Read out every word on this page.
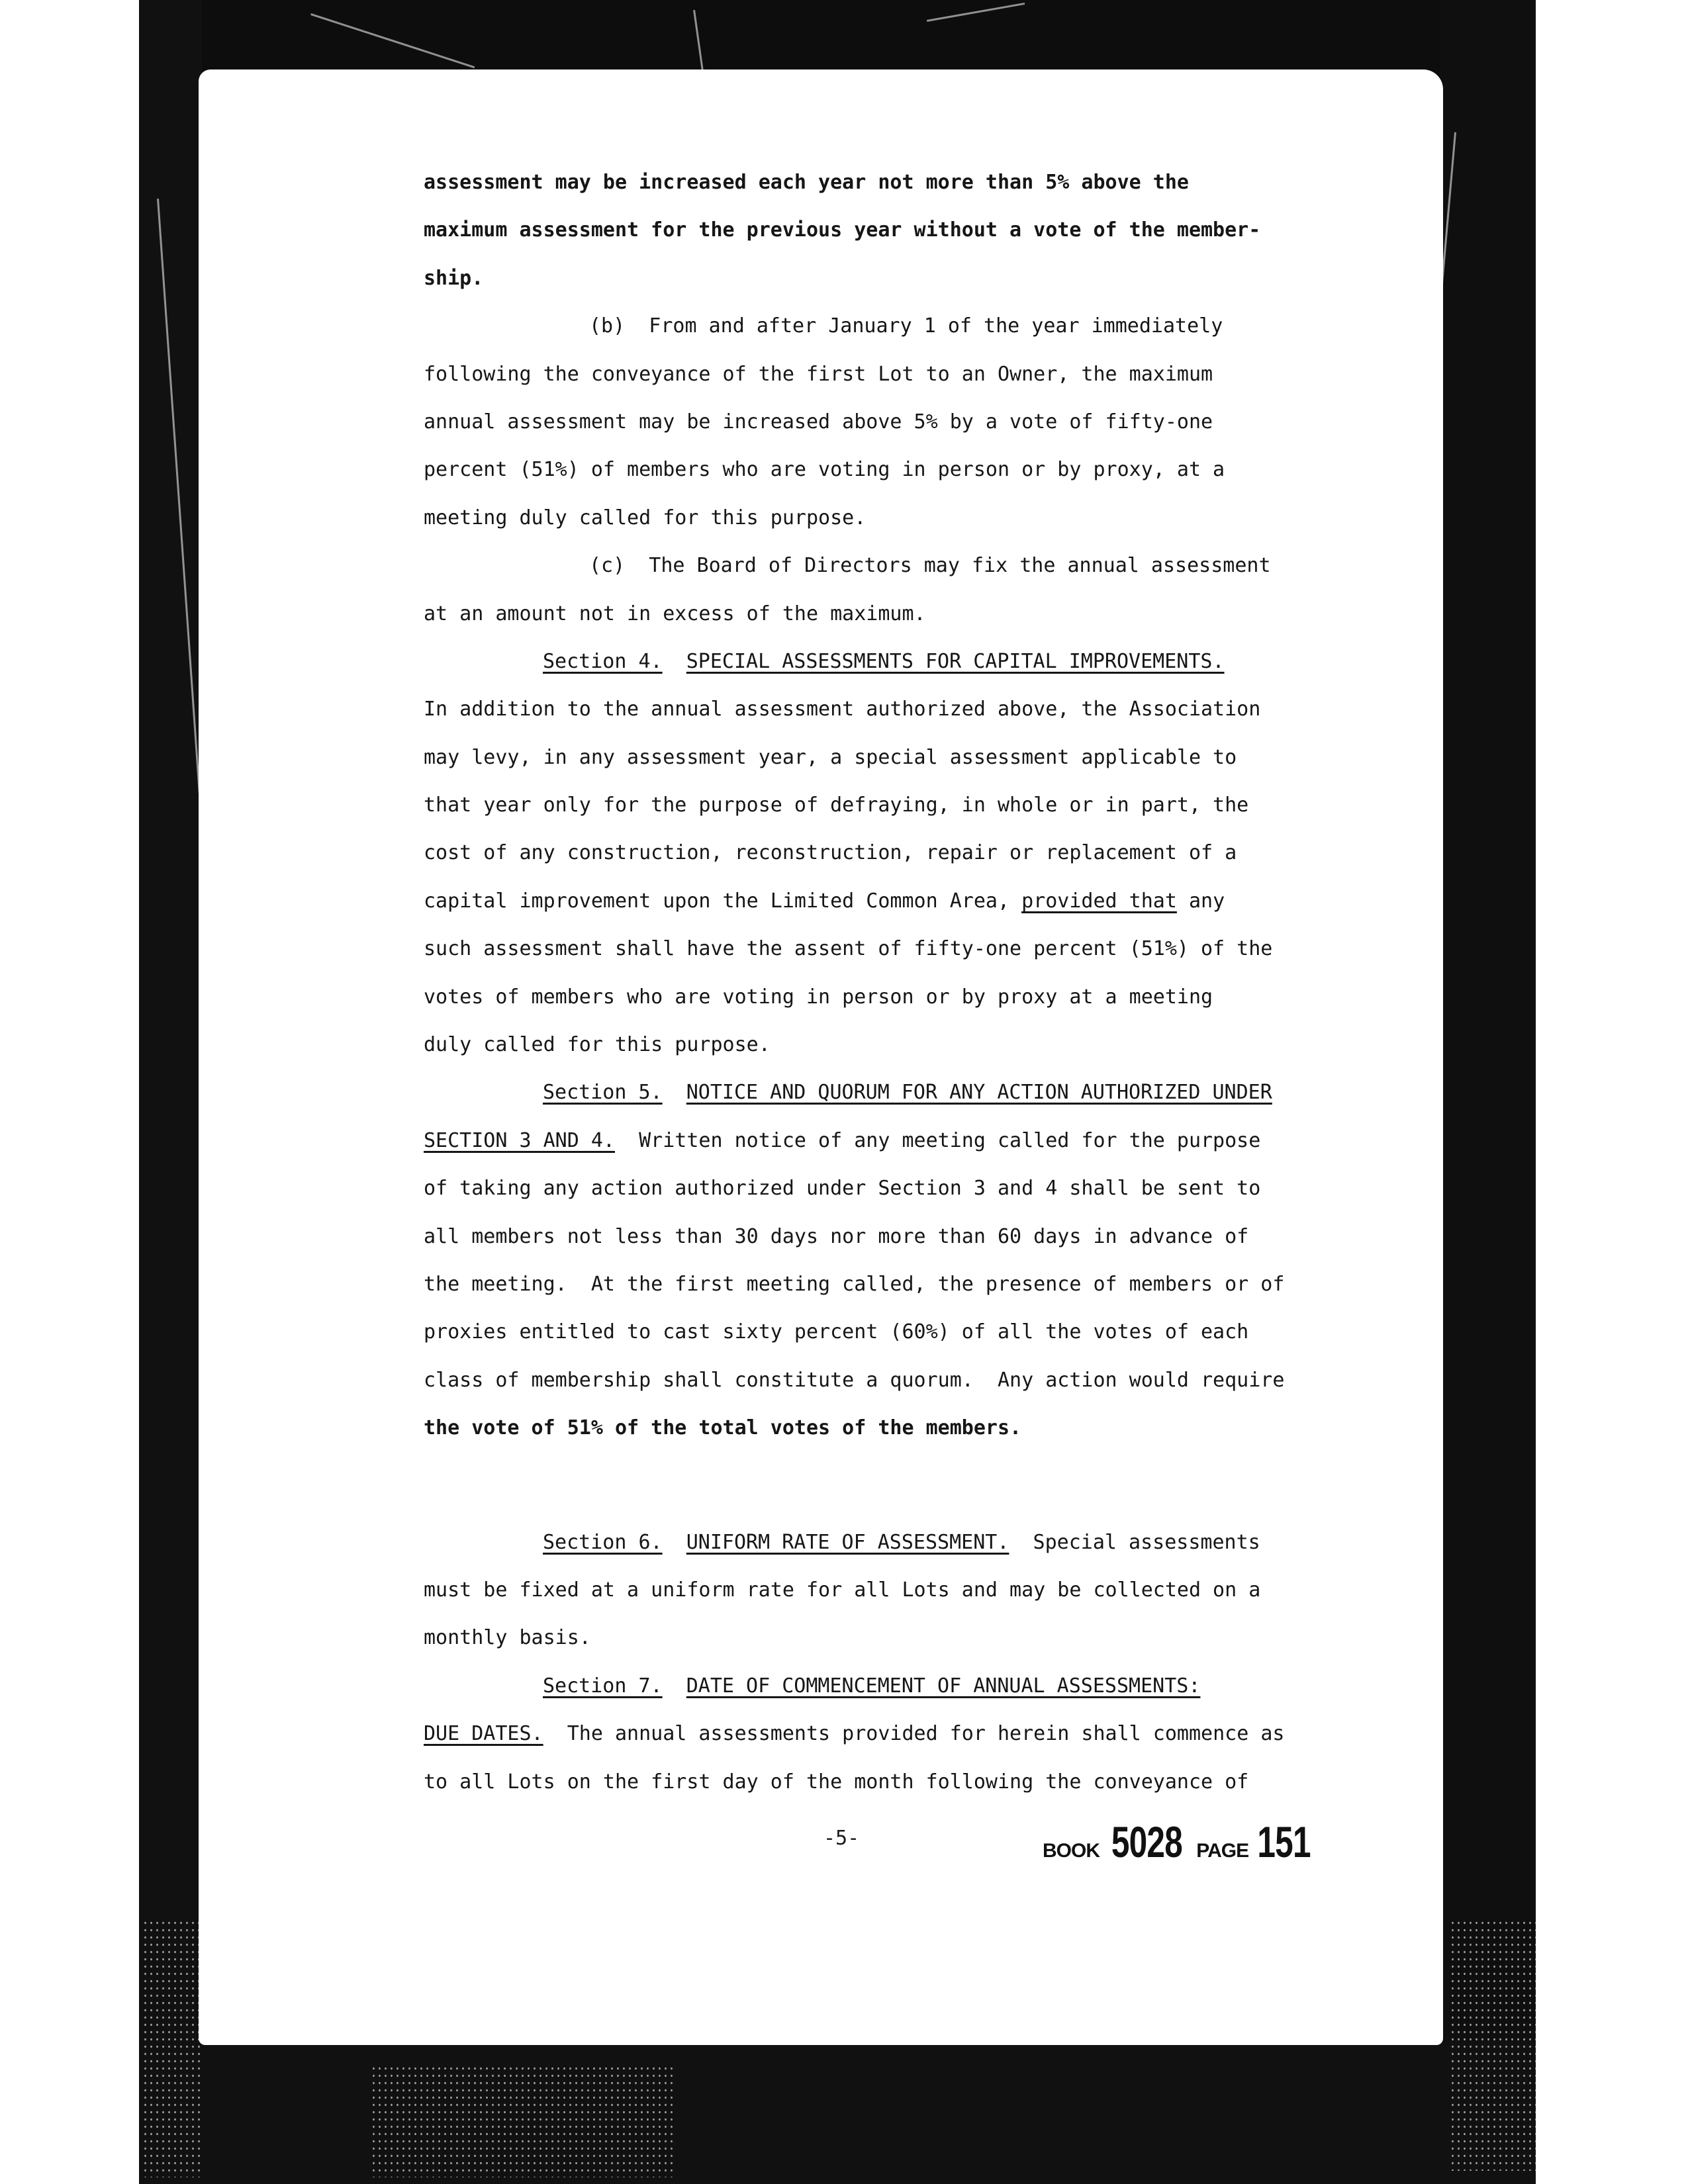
assessment may be increased each year not more than 5% above the
maximum assessment for the previous year without a vote of the member-
ship.
(b)  From and after January 1 of the year immediately
following the conveyance of the first Lot to an Owner, the maximum
annual assessment may be increased above 5% by a vote of fifty-one
percent (51%) of members who are voting in person or by proxy, at a
meeting duly called for this purpose.
(c)  The Board of Directors may fix the annual assessment
at an amount not in excess of the maximum.
Section 4. SPECIAL ASSESSMENTS FOR CAPITAL IMPROVEMENTS.
In addition to the annual assessment authorized above, the Association
may levy, in any assessment year, a special assessment applicable to
that year only for the purpose of defraying, in whole or in part, the
cost of any construction, reconstruction, repair or replacement of a
capital improvement upon the Limited Common Area, provided that any
such assessment shall have the assent of fifty-one percent (51%) of the
votes of members who are voting in person or by proxy at a meeting
duly called for this purpose.
Section 5. NOTICE AND QUORUM FOR ANY ACTION AUTHORIZED UNDER
SECTION 3 AND 4.  Written notice of any meeting called for the purpose
of taking any action authorized under Section 3 and 4 shall be sent to
all members not less than 30 days nor more than 60 days in advance of
the meeting.  At the first meeting called, the presence of members or of
proxies entitled to cast sixty percent (60%) of all the votes of each
class of membership shall constitute a quorum.  Any action would require
the vote of 51% of the total votes of the members.
Section 6. UNIFORM RATE OF ASSESSMENT.  Special assessments
must be fixed at a uniform rate for all Lots and may be collected on a
monthly basis.
Section 7. DATE OF COMMENCEMENT OF ANNUAL ASSESSMENTS:
DUE DATES.  The annual assessments provided for herein shall commence as
to all Lots on the first day of the month following the conveyance of
-5-
BOOK 5028 PAGE 151
